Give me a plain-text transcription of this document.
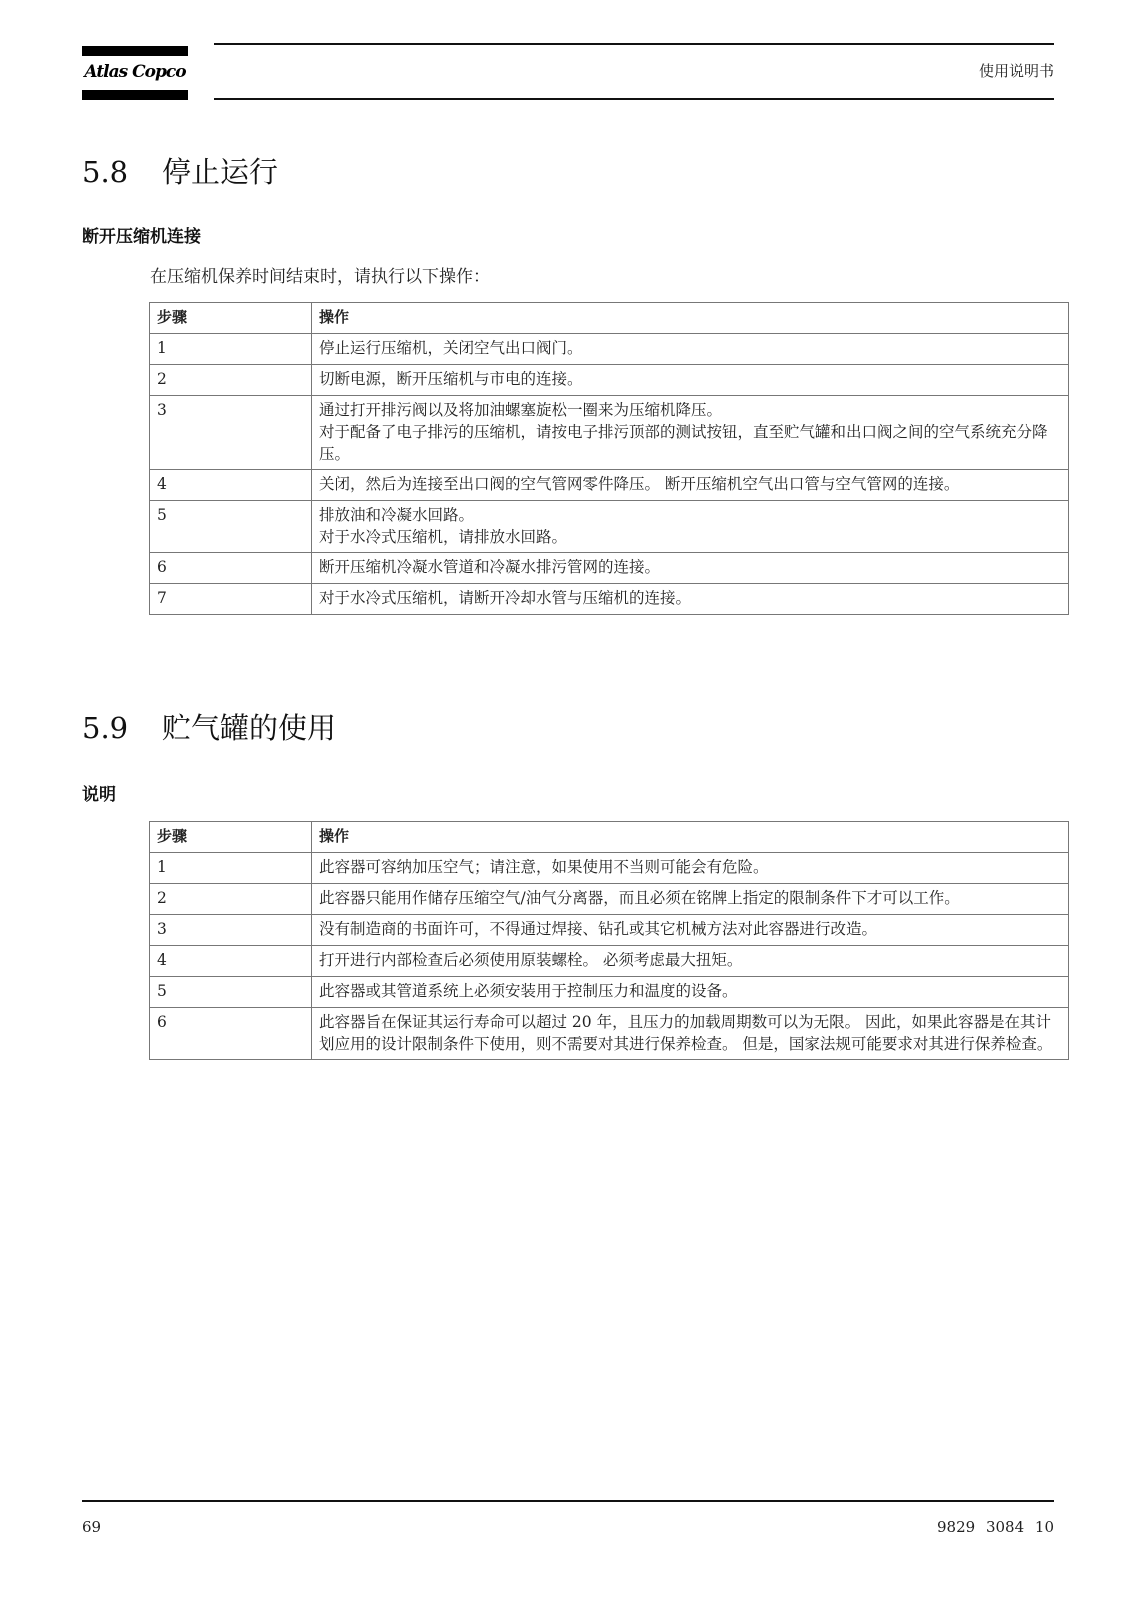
Atlas Copco	使用说明书
5.8 停止运行
断开压缩机连接
在压缩机保养时间结束时，请执行以下操作：
步骤	操作
1	停止运行压缩机，关闭空气出口阀门。

2	切断电源，断开压缩机与市电的连接。

3	通过打开排污阀以及将加油螺塞旋松一圈来为压缩机降压。
对于配备了电子排污的压缩机，请按电子排污顶部的测试按钮，直至贮气罐和出口阀之间的空气系统充分降压。

4	关闭，然后为连接至出口阀的空气管网零件降压。 断开压缩机空气出口管与空气管网的连接。

5	排放油和冷凝水回路。
对于水冷式压缩机，请排放水回路。

6	断开压缩机冷凝水管道和冷凝水排污管网的连接。

7	对于水冷式压缩机，请断开冷却水管与压缩机的连接。
5.9 贮气罐的使用
说明
步骤	操作
1	此容器可容纳加压空气；请注意，如果使用不当则可能会有危险。

2	此容器只能用作储存压缩空气/油气分离器，而且必须在铭牌上指定的限制条件下才可以工作。

3	没有制造商的书面许可，不得通过焊接、钻孔或其它机械方法对此容器进行改造。

4	打开进行内部检查后必须使用原装螺栓。 必须考虑最大扭矩。

5	此容器或其管道系统上必须安装用于控制压力和温度的设备。

6	此容器旨在保证其运行寿命可以超过 20 年，且压力的加载周期数可以为无限。 因此，如果此容器是在其计划应用的设计限制条件下使用，则不需要对其进行保养检查。 但是，国家法规可能要求对其进行保养检查。
69	9829 3084 10
